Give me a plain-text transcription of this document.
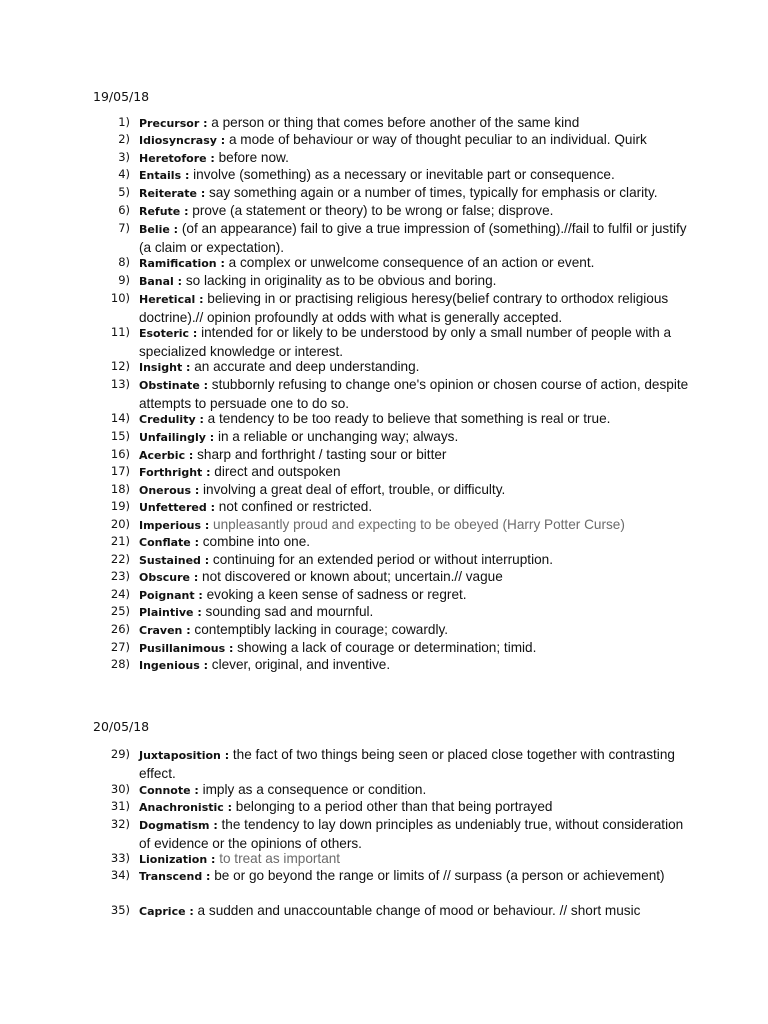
19/05/18
1) Precursor : a person or thing that comes before another of the same kind
2) Idiosyncrasy : a mode of behaviour or way of thought peculiar to an individual. Quirk
3) Heretofore : before now.
4) Entails : involve (something) as a necessary or inevitable part or consequence.
5) Reiterate : say something again or a number of times, typically for emphasis or clarity.
6) Refute : prove (a statement or theory) to be wrong or false; disprove.
7) Belie : (of an appearance) fail to give a true impression of (something).//fail to fulfil or justify (a claim or expectation).
8) Ramification : a complex or unwelcome consequence of an action or event.
9) Banal : so lacking in originality as to be obvious and boring.
10) Heretical : believing in or practising religious heresy(belief contrary to orthodox religious doctrine).// opinion profoundly at odds with what is generally accepted.
11) Esoteric : intended for or likely to be understood by only a small number of people with a specialized knowledge or interest.
12) Insight : an accurate and deep understanding.
13) Obstinate : stubbornly refusing to change one's opinion or chosen course of action, despite attempts to persuade one to do so.
14) Credulity : a tendency to be too ready to believe that something is real or true.
15) Unfailingly : in a reliable or unchanging way; always.
16) Acerbic : sharp and forthright / tasting sour or bitter
17) Forthright : direct and outspoken
18) Onerous : involving a great deal of effort, trouble, or difficulty.
19) Unfettered : not confined or restricted.
20) Imperious : unpleasantly proud and expecting to be obeyed (Harry Potter Curse)
21) Conflate : combine into one.
22) Sustained : continuing for an extended period or without interruption.
23) Obscure : not discovered or known about; uncertain.// vague
24) Poignant : evoking a keen sense of sadness or regret.
25) Plaintive : sounding sad and mournful.
26) Craven : contemptibly lacking in courage; cowardly.
27) Pusillanimous : showing a lack of courage or determination; timid.
28) Ingenious : clever, original, and inventive.
20/05/18
29) Juxtaposition : the fact of two things being seen or placed close together with contrasting effect.
30) Connote : imply as a consequence or condition.
31) Anachronistic : belonging to a period other than that being portrayed
32) Dogmatism : the tendency to lay down principles as undeniably true, without consideration of evidence or the opinions of others.
33) Lionization : to treat as important
34) Transcend : be or go beyond the range or limits of // surpass (a person or achievement)
35) Caprice : a sudden and unaccountable change of mood or behaviour. // short music
